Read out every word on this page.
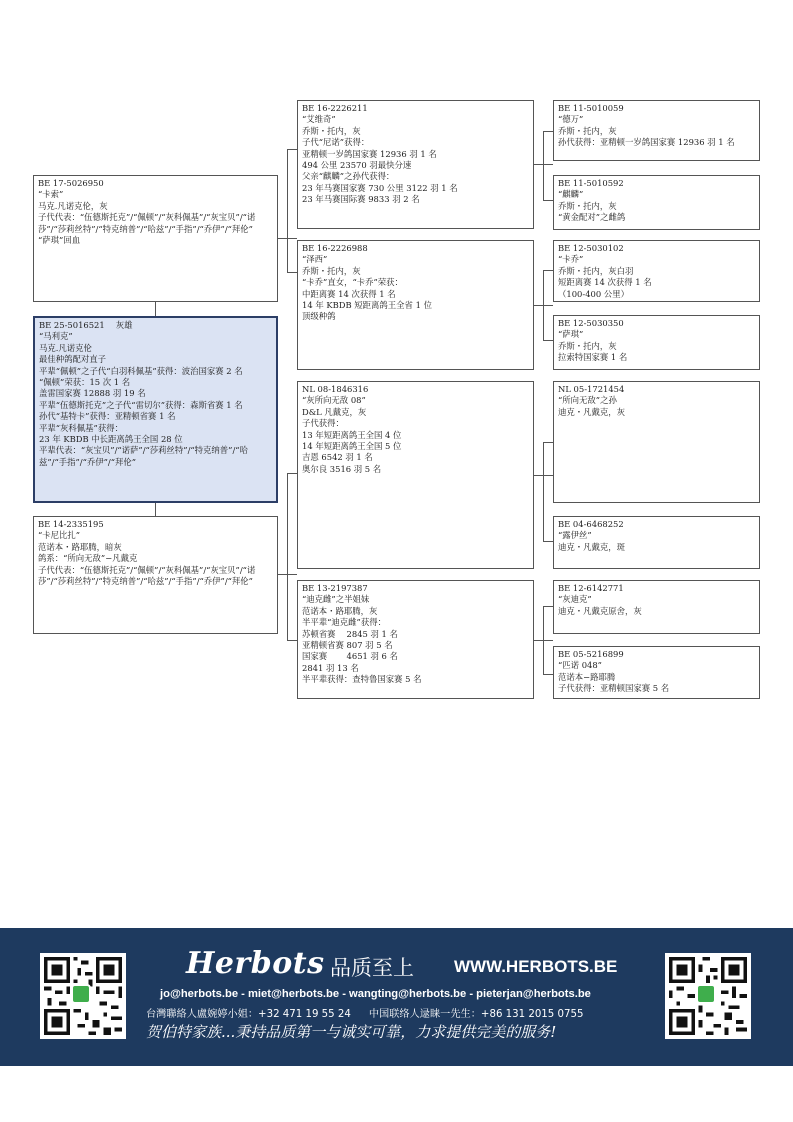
BE 17-5026950
“卡索”
马克.凡诺克伦，灰
子代代表：“伍德斯托克”/“佩顿”/“灰科佩基”/“灰宝贝”/“诺莎”/“莎莉丝特”/“特克纳普”/“哈兹”/“手指”/“乔伊”/“拜伦”
“萨琪”回血
BE 25-5016521　 灰雄
“马利克”
马克.凡诺克伦
最佳种鸽配对直子
平辈“佩顿”之子代“白羽科佩基”获得：波治国家赛 2 名
“佩顿”荣获：15 次 1 名
盖雷国家赛 12888 羽 19 名
平辈“伍德斯托克”之子代“雷切尔”获得：森斯省赛 1 名
孙代“基特卡”获得：亚精顿省赛 1 名
平辈“灰科佩基”获得：
23 年 KBDB 中长距离鸽王全国 28 位
平辈代表：“灰宝贝”/“诺萨”/“莎莉丝特”/“特克纳普”/“哈兹”/“手指”/“乔伊”/“拜伦”
BE 14-2335195
“卡尼比扎”
范诺本・路耶腾，暗灰
鸽系：“所向无敌”−凡戴克
子代代表：“伍德斯托克”/“佩顿”/“灰科佩基”/“灰宝贝”/“诺莎”/“莎莉丝特”/“特克纳普”/“哈兹”/“手指”/“乔伊”/“拜伦”
BE 16-2226211
“艾维奇”
乔斯・托内，灰
子代“尼诺”获得：
亚精顿一岁鸽国家赛 12936 羽 1 名
494 公里 23570 羽最快分速
父亲“麒麟”之孙代获得：
23 年马赛国家赛 730 公里 3122 羽 1 名
23 年马赛国际赛 9833 羽 2 名
BE 16-2226988
“泽西”
乔斯・托内，灰
“卡乔”直女，“卡乔”荣获：
中距离赛 14 次获得 1 名
14 年 KBDB 短距离鸽王全省 1 位
顶级种鸽
NL 08-1846316
“灰所向无敌 08”
D&L 凡戴克，灰
子代获得：
13 年短距离鸽王全国 4 位
14 年短距离鸽王全国 5 位
吉恩 6542 羽 1 名
奥尔良 3516 羽 5 名
BE 13-2197387
“迪克雌”之半姐妹
范诺本・路耶腾，灰
半平辈“迪克雌”获得：
苏顿省赛　 2845 羽 1 名
亚精顿省赛 807 羽 5 名
国家赛　　 4651 羽 6 名
2841 羽 13 名
半平辈获得：查特鲁国家赛 5 名
BE 11-5010059
“德万”
乔斯・托内，灰
孙代获得：亚精顿一岁鸽国家赛 12936 羽 1 名
BE 11-5010592
“麒麟”
乔斯・托内，灰
“黄金配对”之雌鸽
BE 12-5030102
“卡乔”
乔斯・托内，灰白羽
短距离赛 14 次获得 1 名
（100-400 公里）
BE 12-5030350
“萨琪”
乔斯・托内，灰
拉索特国家赛 1 名
NL 05-1721454
“所向无敌”之孙
迪克・凡戴克，灰
BE 04-6468252
“露伊丝”
迪克・凡戴克，斑
BE 12-6142771
“灰迪克”
迪克・凡戴克原舍，灰
BE 05-5216899
“匹诺 048”
范诺本−路耶腾
子代获得：亚精顿国家赛 5 名
Herbots 品质至上 WWW.HERBOTS.BE
jo@herbots.be - miet@herbots.be - wangting@herbots.be - pieterjan@herbots.be
台灣聯絡人盧婉婷小姐：+32 471 19 55 24 中国联络人逯睐一先生：+86 131 2015 0755
贺伯特家族...秉持品质第一与诚实可靠，力求提供完美的服务!
